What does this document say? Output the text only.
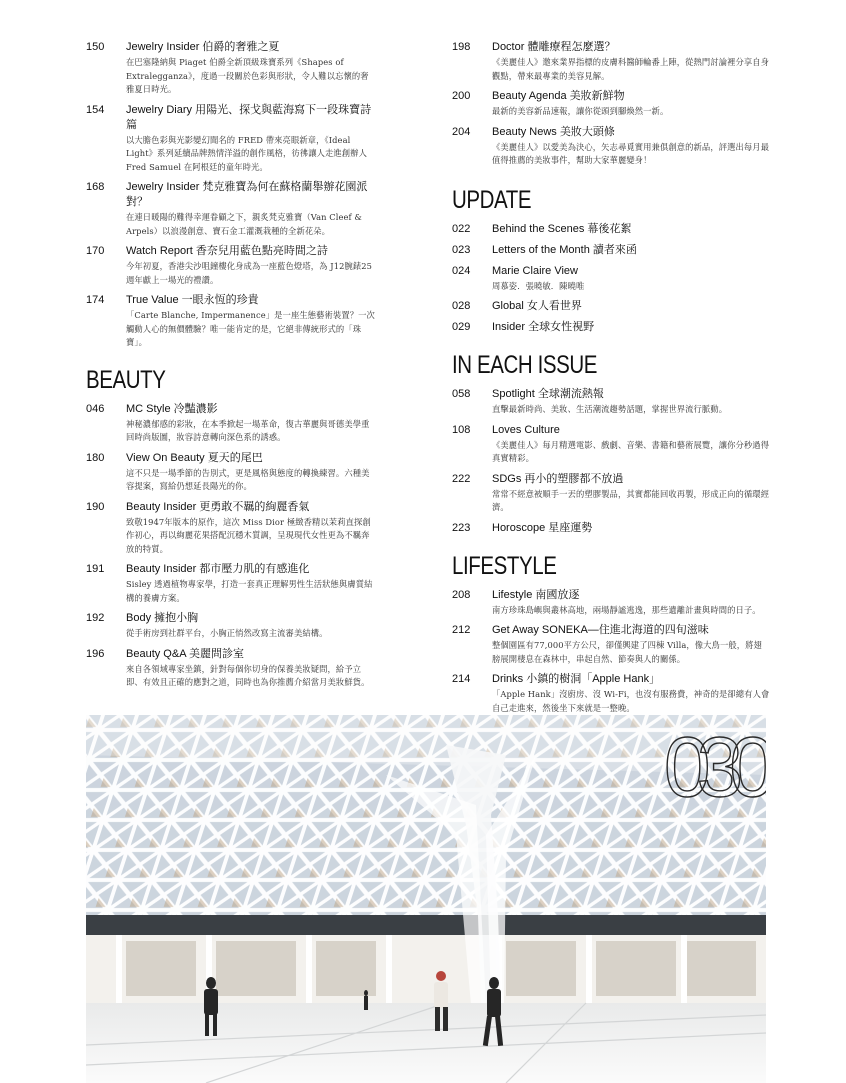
150	Jewelry Insider 伯爵的奢雅之夏
在巴塞隆納與 Piaget 伯爵全新頂級珠寶系列《Shapes of Extralegganza》，度過一段關於色彩與形狀，令人難以忘懷的奢雅夏日時光。
154	Jewelry Diary 用陽光、探戈與藍海寫下一段珠寶詩篇
以大膽色彩與光影變幻聞名的 FRED 帶來亮眼新章，《Ideal Light》系列延續品牌熱情洋溢的創作風格，彷彿讓人走進創辦人 Fred Samuel 在阿根廷的童年時光。
168	Jewelry Insider 梵克雅寶為何在蘇格蘭舉辦花園派對？
在連日暖陽的難得幸運眷顧之下，親炙梵克雅寶（Van Cleef & Arpels）以浪漫創意、寶石金工灌溉栽種的全新花朵。
170	Watch Report 香奈兒用藍色點亮時間之詩
今年初夏，香港尖沙咀鐘樓化身成為一座藍色燈塔，為 J12腕錶25週年獻上一場光的禮讚。
174	True Value 一眼永恆的珍貴
「Carte Blanche, Impermanence」是一座生態藝術裝置？一次觸動人心的無價體驗？唯一能肯定的是，它絕非傳統形式的「珠寶」。
BEAUTY
046	MC Style 冷豔濃影
神秘濃郁感的彩妝，在本季掀起一場革命，復古華麗與哥德美學重回時尚版圖，妝容詩意轉向深色系的誘惑。
180	View On Beauty 夏天的尾巴
這不只是一場季節的告別式，更是風格與態度的轉換練習。六種美容提案，寫給仍想延長陽光的你。
190	Beauty Insider 更勇敢不羈的絢麗香氣
致敬1947年版本的原作，這次 Miss Dior 極緻香精以茉莉直探創作初心，再以絢麗花果搭配沉穩木質調，呈現現代女性更為不羈奔放的特質。
191	Beauty Insider 都市壓力肌的有感進化
Sisley 透過植物專家學，打造一套真正理解男性生活狀態與膚質結構的養膚方案。
192	Body 擁抱小胸
從手術房到社群平台，小胸正悄然改寫主流審美結構。
196	Beauty Q&A 美麗問診室
來自各領域專家坐鎮，針對每個你切身的保養美妝疑問，給予立即、有效且正確的應對之道，同時也為你推薦介紹當月美妝鮮貨。
198	Doctor 體雕療程怎麼選？
《美麗佳人》邀來業界指標的皮膚科醫師輪番上陣，從熱門討論裡分享自身觀點，帶來最專業的美容見解。
200	Beauty Agenda 美妝新鮮物
最新的美容新品速報，讓你從頭到腳煥然一新。
204	Beauty News 美妝大頭條
《美麗佳人》以愛美為決心，矢志尋覓實用兼俱創意的新品，評選出每月最值得推薦的美妝事件，幫助大家華麗變身！
UPDATE
022	Behind the Scenes 幕後花絮
023	Letters of the Month 讀者來函
024	Marie Claire View
周慕姿．張曉敏．陳曉唯
028	Global 女人看世界
029	Insider 全球女性視野
IN EACH ISSUE
058	Spotlight 全球潮流熱報
直擊最新時尚、美妝、生活潮流趨勢話題，掌握世界流行脈動。
108	Loves Culture
《美麗佳人》每月精選電影、戲劇、音樂、書籍和藝術展覽，讓你分秒過得真實精彩。
222	SDGs 再小的塑膠都不放過
常常不經意被順手一丟的塑膠製品，其實都能回收再製，形成正向的循環經濟。
223	Horoscope 星座運勢
LIFESTYLE
208	Lifestyle 南國放逐
南方珍珠島嶼與叢林高地，兩場靜謐逃逸，那些遺離計畫與時間的日子。
212	Get Away SONEKA—住進北海道的四旬滋味
整個園區有77,000平方公尺，卻僅興建了四棟 Villa，像大鳥一般，將翅膀展開棲息在森林中，串起自然、節奏與人的關係。
214	Drinks 小鎮的樹洞「Apple Hank」
「Apple Hank」沒廚房、沒 Wi-Fi，也沒有服務費，神奇的是卻總有人會自己走進來，然後坐下來就是一整晚。
030
